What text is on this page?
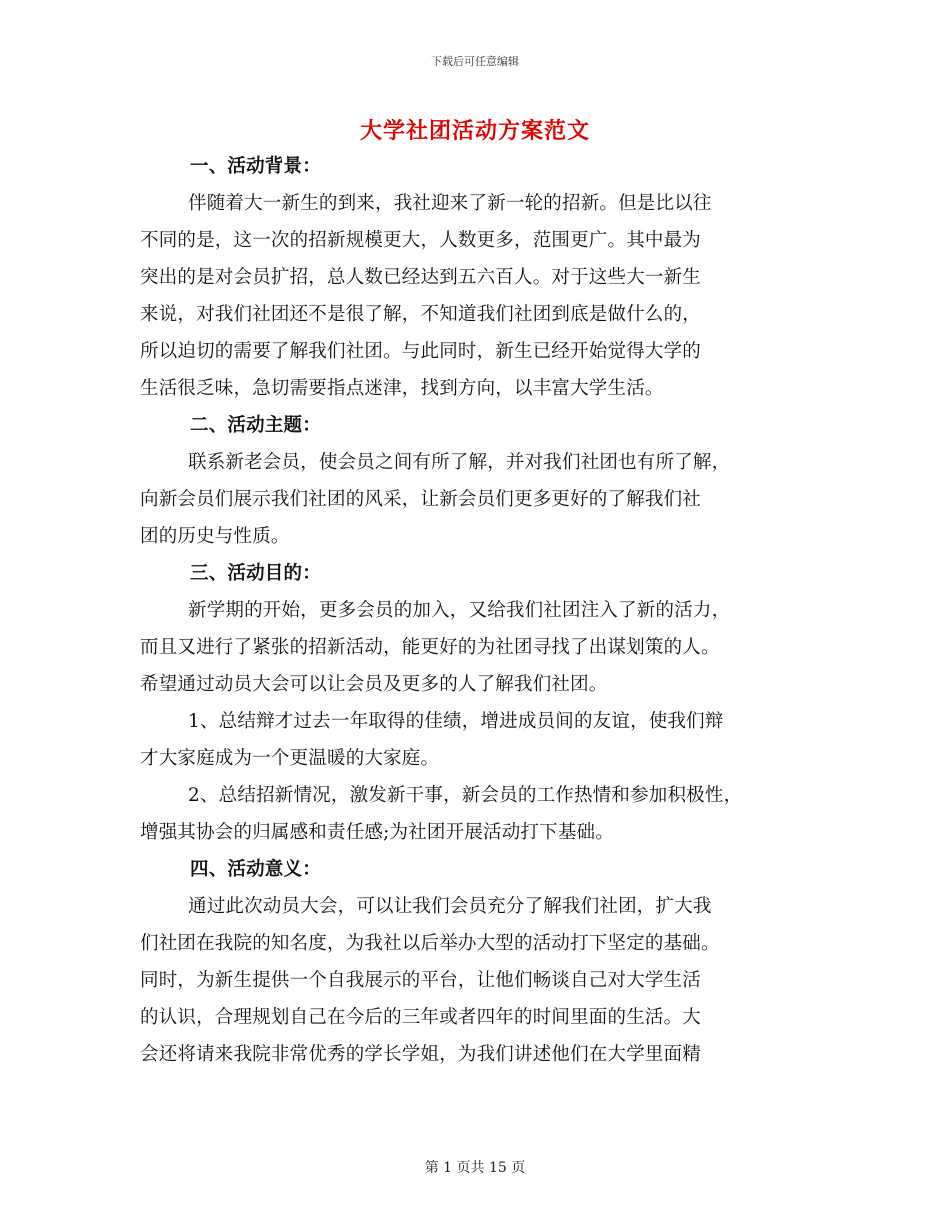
下载后可任意编辑
大学社团活动方案范文
一、活动背景：
伴随着大一新生的到来，我社迎来了新一轮的招新。但是比以往
不同的是，这一次的招新规模更大，人数更多，范围更广。其中最为
突出的是对会员扩招，总人数已经达到五六百人。对于这些大一新生
来说，对我们社团还不是很了解，不知道我们社团到底是做什么的，
所以迫切的需要了解我们社团。与此同时，新生已经开始觉得大学的
生活很乏味，急切需要指点迷津，找到方向，以丰富大学生活。
二、活动主题：
联系新老会员，使会员之间有所了解，并对我们社团也有所了解，
向新会员们展示我们社团的风采，让新会员们更多更好的了解我们社
团的历史与性质。
三、活动目的：
新学期的开始，更多会员的加入，又给我们社团注入了新的活力，
而且又进行了紧张的招新活动，能更好的为社团寻找了出谋划策的人。
希望通过动员大会可以让会员及更多的人了解我们社团。
1、总结辩才过去一年取得的佳绩，增进成员间的友谊，使我们辩
才大家庭成为一个更温暖的大家庭。
2、总结招新情况，激发新干事，新会员的工作热情和参加积极性，
增强其协会的归属感和责任感;为社团开展活动打下基础。
四、活动意义：
通过此次动员大会，可以让我们会员充分了解我们社团，扩大我
们社团在我院的知名度，为我社以后举办大型的活动打下坚定的基础。
同时，为新生提供一个自我展示的平台，让他们畅谈自己对大学生活
的认识，合理规划自己在今后的三年或者四年的时间里面的生活。大
会还将请来我院非常优秀的学长学姐，为我们讲述他们在大学里面精
第 1 页共 15 页
